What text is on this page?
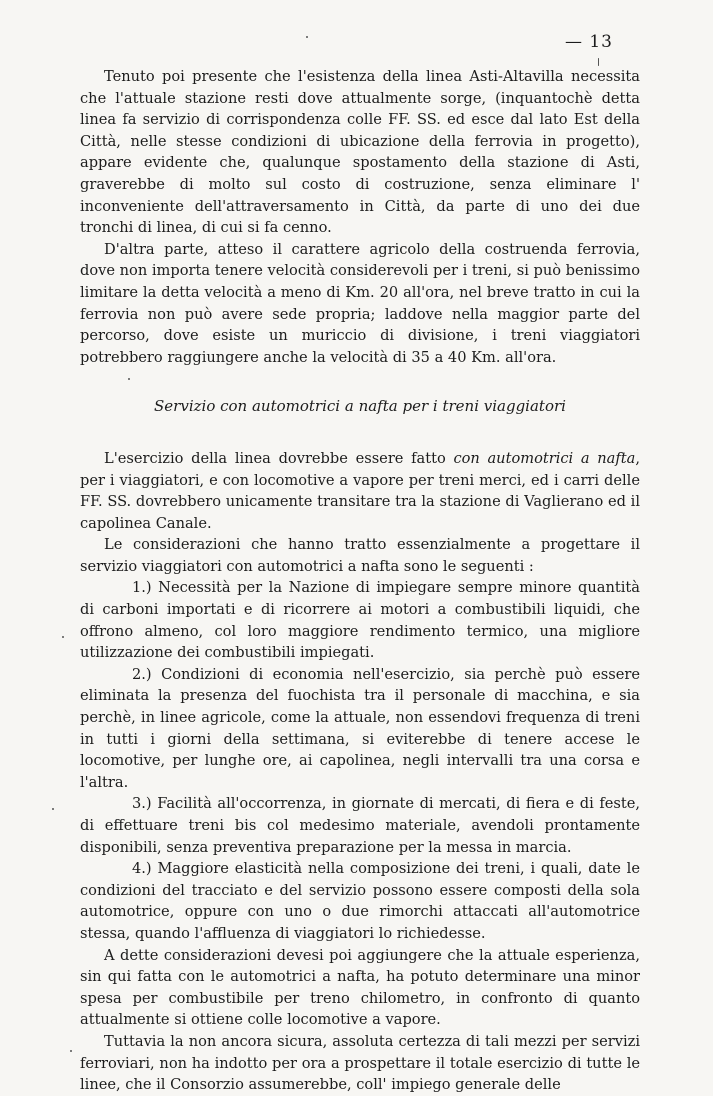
— 13

Tenuto poi presente che l'esistenza della linea Asti-Altavilla necessita che l'attuale stazione resti dove attualmente sorge, (inquantochè detta linea fa servizio di corrispondenza colle FF. SS. ed esce dal lato Est della Città, nelle stesse condizioni di ubicazione della ferrovia in progetto), appare evidente che, qualunque spostamento della stazione di Asti, graverebbe di molto sul costo di costruzione, senza eliminare l' inconveniente dell'attraversamento in Città, da parte di uno dei due tronchi di linea, di cui si fa cenno.

D'altra parte, atteso il carattere agricolo della costruenda ferrovia, dove non importa tenere velocità considerevoli per i treni, si può benissimo limitare la detta velocità a meno di Km. 20 all'ora, nel breve tratto in cui la ferrovia non può avere sede propria; laddove nella maggior parte del percorso, dove esiste un muriccio di divisione, i treni viaggiatori potrebbero raggiungere anche la velocità di 35 a 40 Km. all'ora.

Servizio con automotrici a nafta per i treni viaggiatori

L'esercizio della linea dovrebbe essere fatto con automotrici a nafta, per i viaggiatori, e con locomotive a vapore per treni merci, ed i carri delle FF. SS. dovrebbero unicamente transitare tra la stazione di Vaglierano ed il capolinea Canale.

Le considerazioni che hanno tratto essenzialmente a progettare il servizio viaggiatori con automotrici a nafta sono le seguenti :

1.) Necessità per la Nazione di impiegare sempre minore quantità di carboni importati e di ricorrere ai motori a combustibili liquidi, che offrono almeno, col loro maggiore rendimento termico, una migliore utilizzazione dei combustibili impiegati.

2.) Condizioni di economia nell'esercizio, sia perchè può essere eliminata la presenza del fuochista tra il personale di macchina, e sia perchè, in linee agricole, come la attuale, non essendovi frequenza di treni in tutti i giorni della settimana, si eviterebbe di tenere accese le locomotive, per lunghe ore, ai capolinea, negli intervalli tra una corsa e l'altra.

3.) Facilità all'occorrenza, in giornate di mercati, di fiera e di feste, di effettuare treni bis col medesimo materiale, avendoli prontamente disponibili, senza preventiva preparazione per la messa in marcia.

4.) Maggiore elasticità nella composizione dei treni, i quali, date le condizioni del tracciato e del servizio possono essere composti della sola automotrice, oppure con uno o due rimorchi attaccati all'automotrice stessa, quando l'affluenza di viaggiatori lo richiedesse.

A dette considerazioni devesi poi aggiungere che la attuale esperienza, sin qui fatta con le automotrici a nafta, ha potuto determinare una minor spesa per combustibile per treno chilometro, in confronto di quanto attualmente si ottiene colle locomotive a vapore.

Tuttavia la non ancora sicura, assoluta certezza di tali mezzi per servizi ferroviari, non ha indotto per ora a prospettare il totale esercizio di tutte le linee, che il Consorzio assumerebbe, coll' impiego generale delle
